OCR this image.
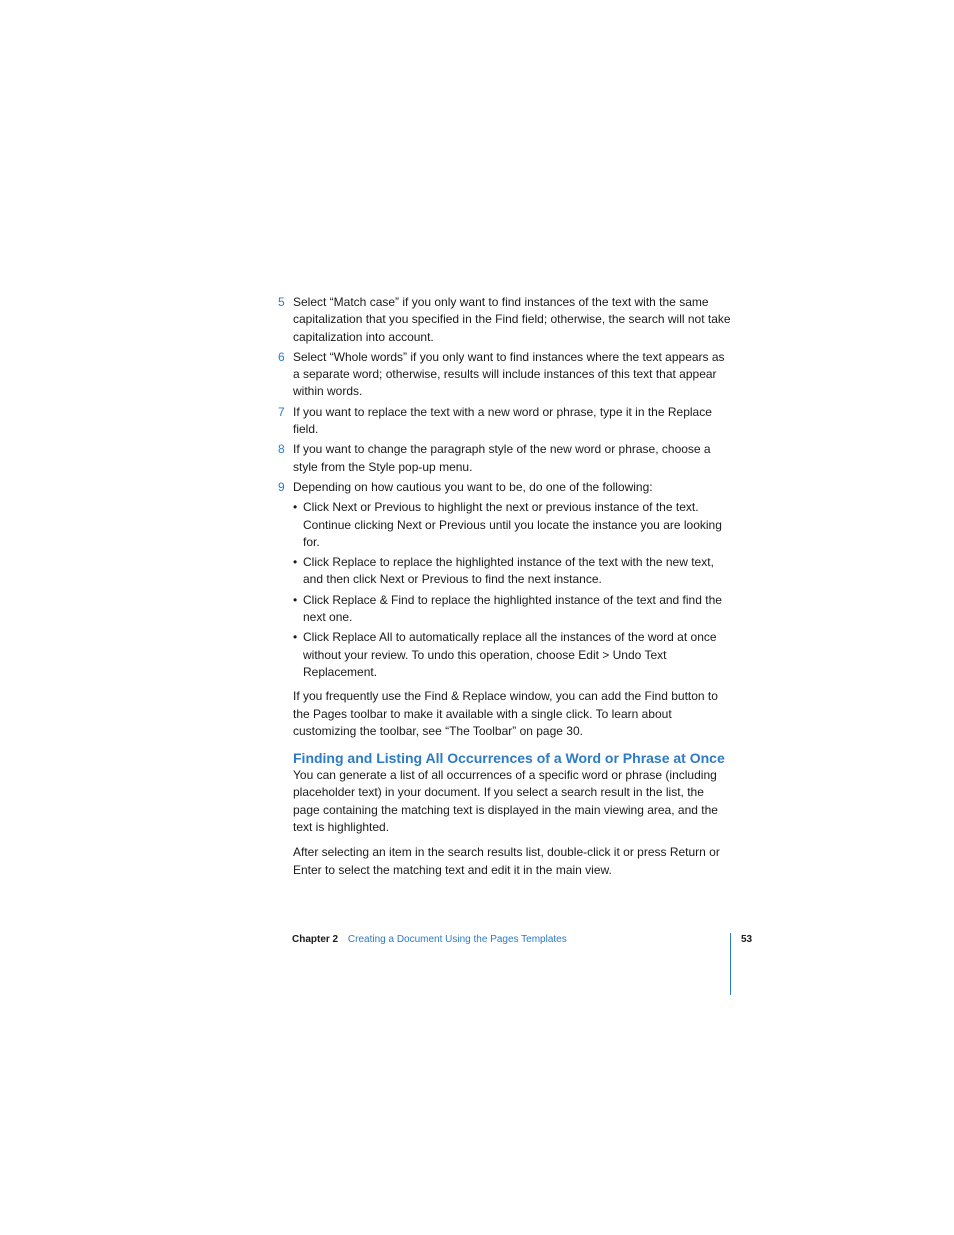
5 Select “Match case” if you only want to find instances of the text with the same capitalization that you specified in the Find field; otherwise, the search will not take capitalization into account.
6 Select “Whole words” if you only want to find instances where the text appears as a separate word; otherwise, results will include instances of this text that appear within words.
7 If you want to replace the text with a new word or phrase, type it in the Replace field.
8 If you want to change the paragraph style of the new word or phrase, choose a style from the Style pop-up menu.
9 Depending on how cautious you want to be, do one of the following:
• Click Next or Previous to highlight the next or previous instance of the text. Continue clicking Next or Previous until you locate the instance you are looking for.
• Click Replace to replace the highlighted instance of the text with the new text, and then click Next or Previous to find the next instance.
• Click Replace & Find to replace the highlighted instance of the text and find the next one.
• Click Replace All to automatically replace all the instances of the word at once without your review. To undo this operation, choose Edit > Undo Text Replacement.

If you frequently use the Find & Replace window, you can add the Find button to the Pages toolbar to make it available with a single click. To learn about customizing the toolbar, see “The Toolbar” on page 30.

Finding and Listing All Occurrences of a Word or Phrase at Once

You can generate a list of all occurrences of a specific word or phrase (including placeholder text) in your document. If you select a search result in the list, the page containing the matching text is displayed in the main viewing area, and the text is highlighted.

After selecting an item in the search results list, double-click it or press Return or Enter to select the matching text and edit it in the main view.

Chapter 2 Creating a Document Using the Pages Templates	53
